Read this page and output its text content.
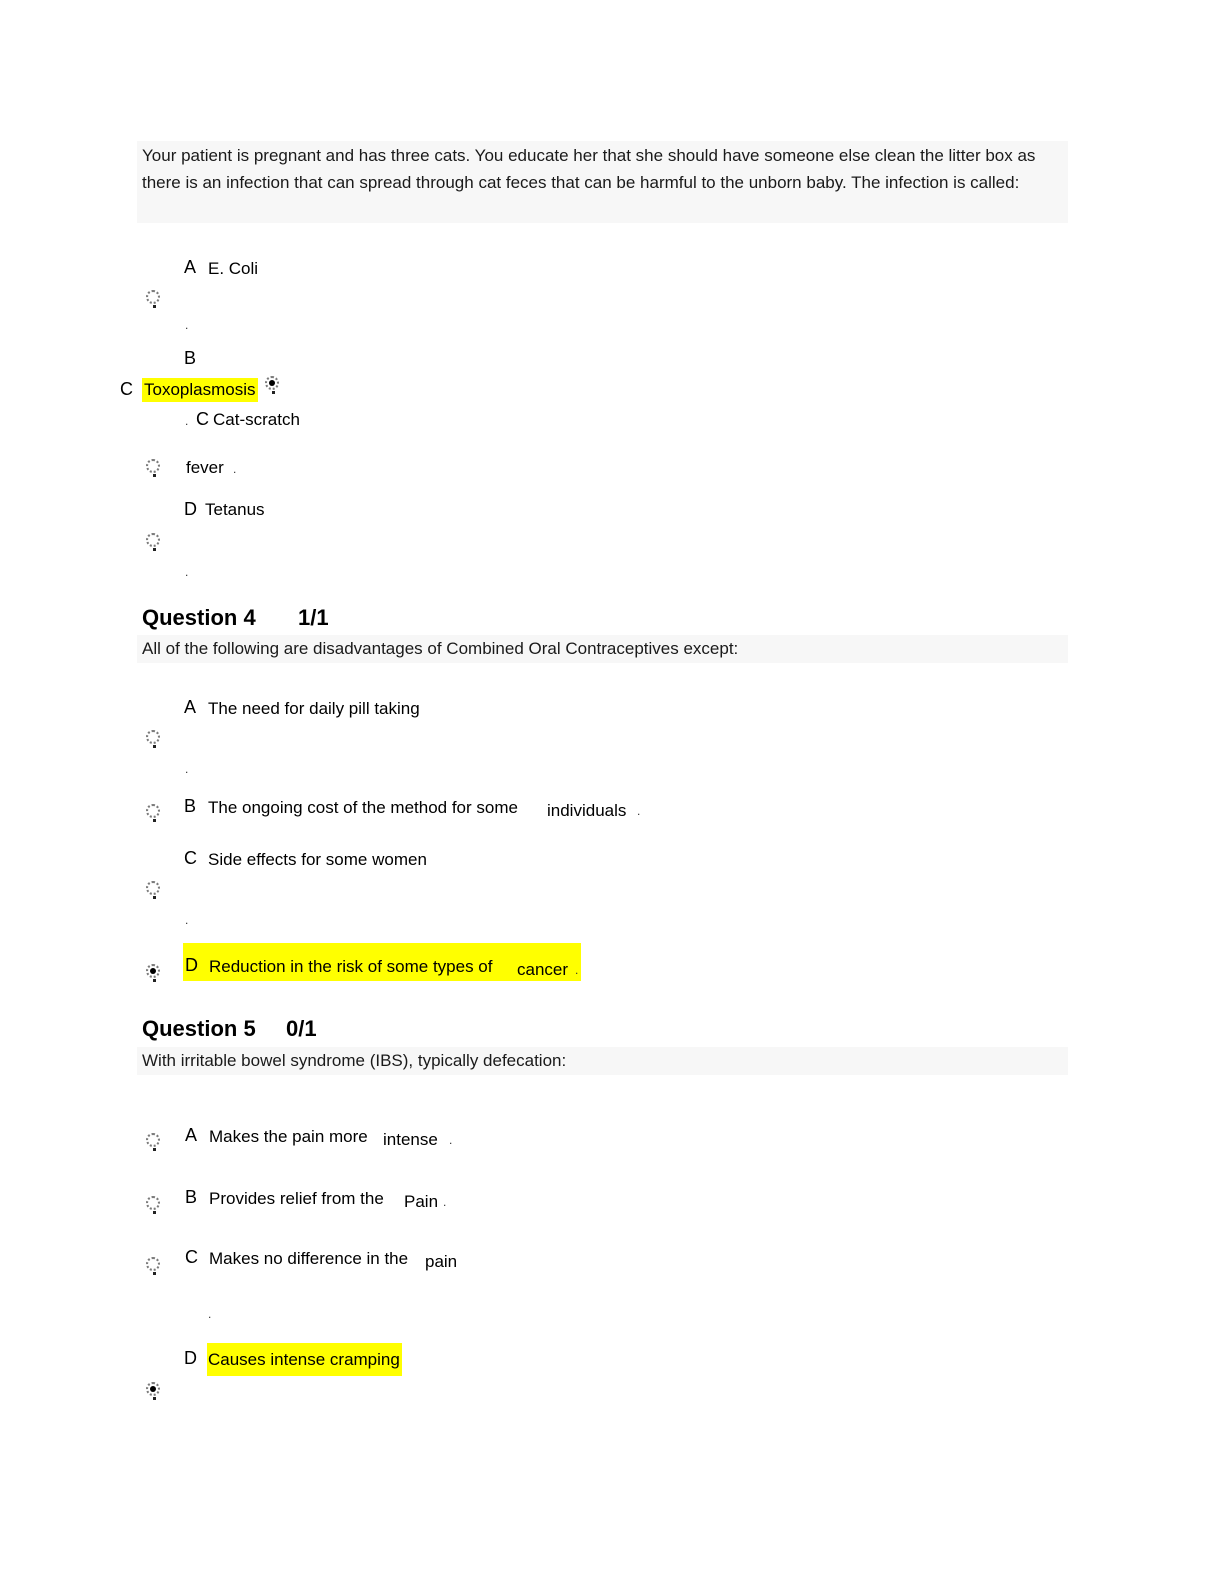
Your patient is pregnant and has three cats. You educate her that she should have someone else clean the litter box as there is an infection that can spread through cat feces that can be harmful to the unborn baby. The infection is called:
A E. Coli
.
B
C Toxoplasmosis
. C Cat-scratch
fever .
D Tetanus
.
Question 4 1/1
All of the following are disadvantages of Combined Oral Contraceptives except:
A The need for daily pill taking
.
B The ongoing cost of the method for some individuals .
C Side effects for some women
.
D Reduction in the risk of some types of cancer .
Question 5 0/1
With irritable bowel syndrome (IBS), typically defecation:
A Makes the pain more intense .
B Provides relief from the Pain .
C Makes no difference in the pain
.
D Causes intense cramping
